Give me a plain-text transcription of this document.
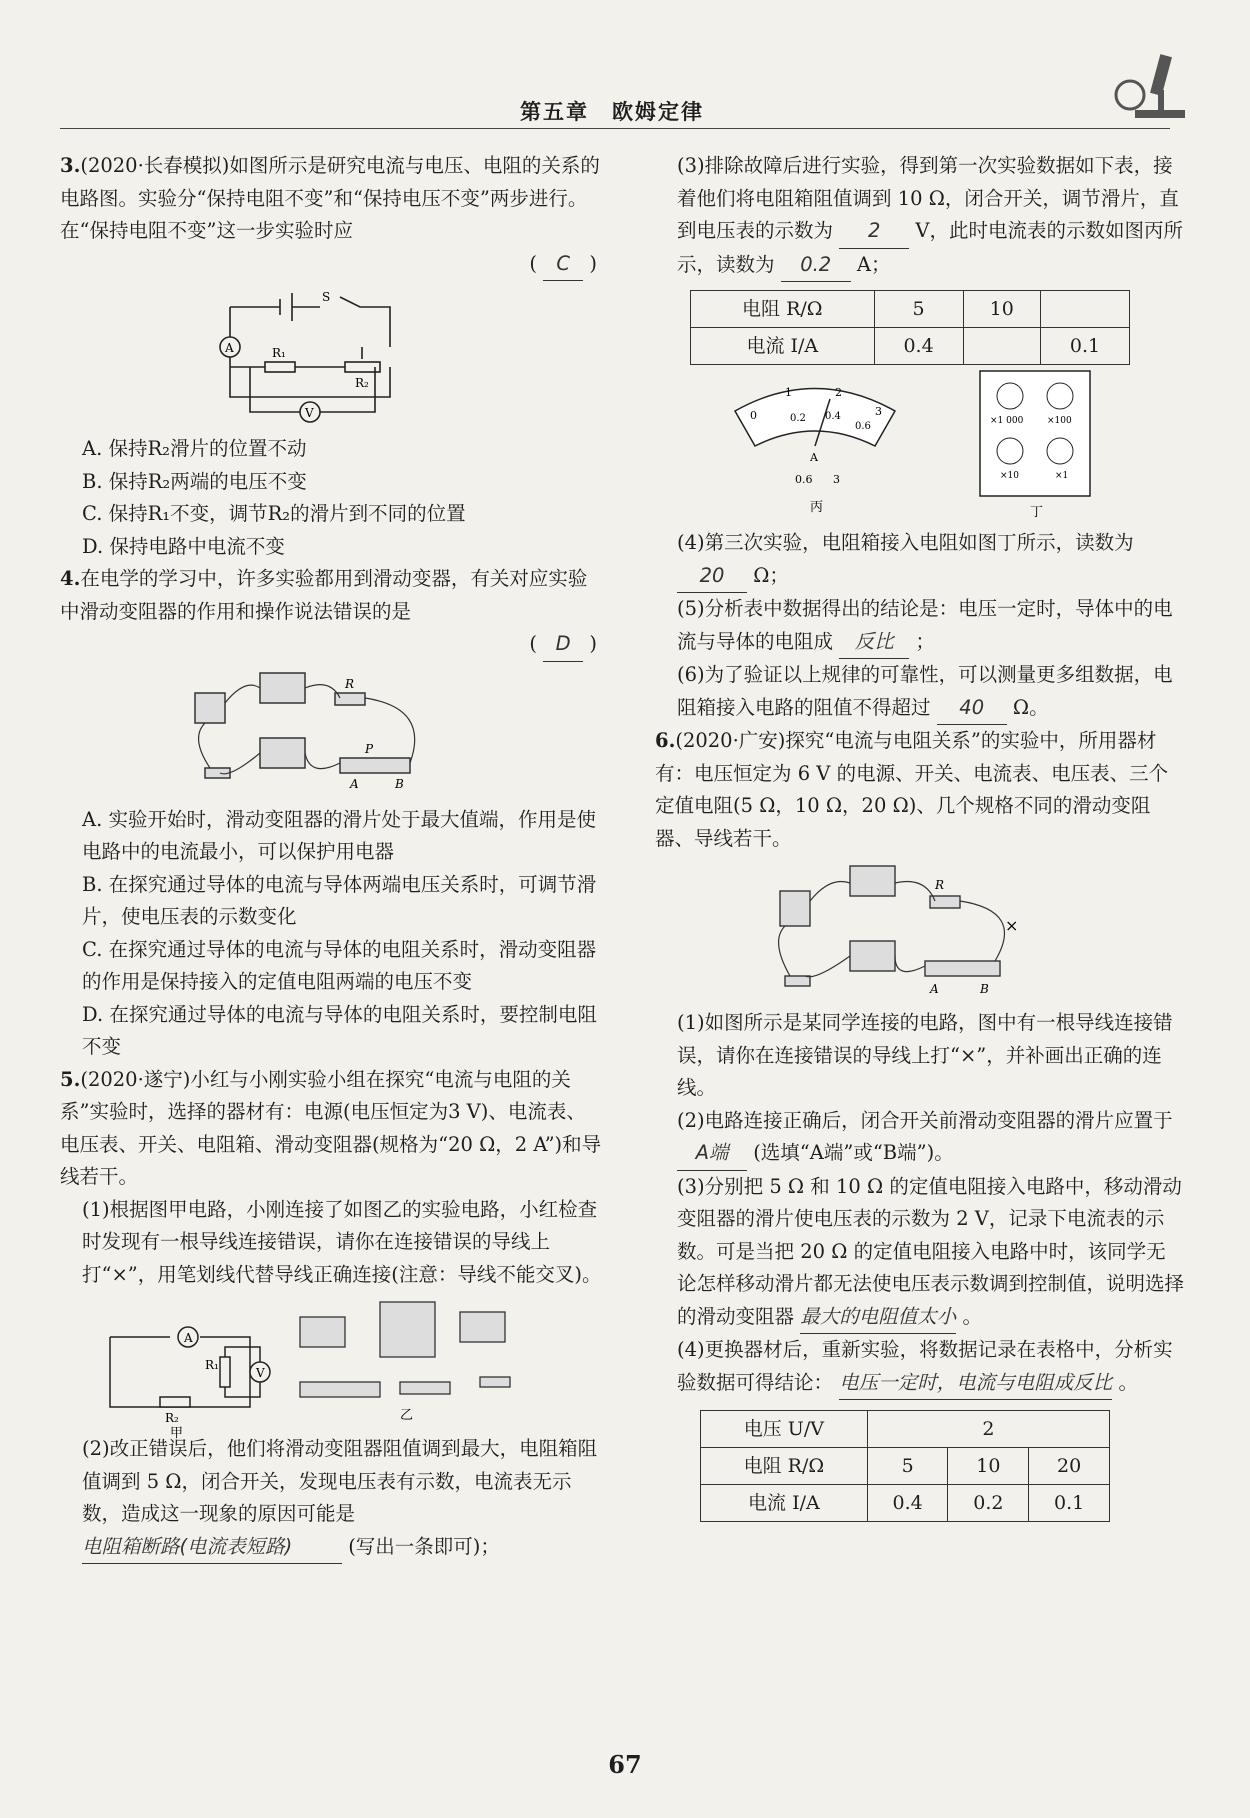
第五章　欧姆定律

3.(2020·长春模拟)如图所示是研究电流与电压、电阻的关系的电路图。实验分“保持电阻不变”和“保持电压不变”两步进行。在“保持电阻不变”这一步实验时应

( C )

A
S
R₁
R₂
V

A. 保持R₂滑片的位置不动

B. 保持R₂两端的电压不变

C. 保持R₁不变，调节R₂的滑片到不同的位置

D. 保持电路中电流不变

4.在电学的学习中，许多实验都用到滑动变器，有关对应实验中滑动变阻器的作用和操作说法错误的是

( D )

R
P
A	B

A. 实验开始时，滑动变阻器的滑片处于最大值端，作用是使电路中的电流最小，可以保护用电器

B. 在探究通过导体的电流与导体两端电压关系时，可调节滑片，使电压表的示数变化

C. 在探究通过导体的电流与导体的电阻关系时，滑动变阻器的作用是保持接入的定值电阻两端的电压不变

D. 在探究通过导体的电流与导体的电阻关系时，要控制电阻不变

5.(2020·遂宁)小红与小刚实验小组在探究“电流与电阻的关系”实验时，选择的器材有：电源(电压恒定为3 V)、电流表、电压表、开关、电阻箱、滑动变阻器(规格为“20 Ω，2 A”)和导线若干。

(1)根据图甲电路，小刚连接了如图乙的实验电路，小红检查时发现有一根导线连接错误，请你在连接错误的导线上打“×”，用笔划线代替导线正确连接(注意：导线不能交叉)。

A
V
R₁
R₂
甲
乙

(2)改正错误后，他们将滑动变阻器阻值调到最大，电阻箱阻值调到 5 Ω，闭合开关，发现电压表有示数，电流表无示数，造成这一现象的原因可能是 电阻箱断路(电流表短路)	(写出一条即可)；

(3)排除故障后进行实验，得到第一次实验数据如下表，接着他们将电阻箱阻值调到 10 Ω，闭合开关，调节滑片，直到电压表的示数为 2 V，此时电流表的示数如图丙所示，读数为 0.2 A；

电阻 R/Ω	5	10	
电流 I/A	0.4		0.1
0
1	2
3
0.2 0.4
0.6
A
0.6 3
丙
×1 000	×100
×10	×1
丁

(4)第三次实验，电阻箱接入电阻如图丁所示，读数为 20 Ω；

(5)分析表中数据得出的结论是：电压一定时，导体中的电流与导体的电阻成 反比 ；

(6)为了验证以上规律的可靠性，可以测量更多组数据，电阻箱接入电路的阻值不得超过 40 Ω。

6.(2020·广安)探究“电流与电阻关系”的实验中，所用器材有：电压恒定为 6 V 的电源、开关、电流表、电压表、三个定值电阻(5 Ω，10 Ω，20 Ω)、几个规格不同的滑动变阻器、导线若干。

R
A	B
×

(1)如图所示是某同学连接的电路，图中有一根导线连接错误，请你在连接错误的导线上打“×”，并补画出正确的连线。

(2)电路连接正确后，闭合开关前滑动变阻器的滑片应置于 A端 (选填“A端”或“B端”)。

(3)分别把 5 Ω 和 10 Ω 的定值电阻接入电路中，移动滑动变阻器的滑片使电压表的示数为 2 V，记录下电流表的示数。可是当把 20 Ω 的定值电阻接入电路中时，该同学无论怎样移动滑片都无法使电压表示数调到控制值，说明选择的滑动变阻器 最大的电阻值太小 。

(4)更换器材后，重新实验，将数据记录在表格中，分析实验数据可得结论： 电压一定时，电流与电阻成反比 。

电压 U/V	2		
电阻 R/Ω	5	10	20
电流 I/A	0.4	0.2	0.1
67
